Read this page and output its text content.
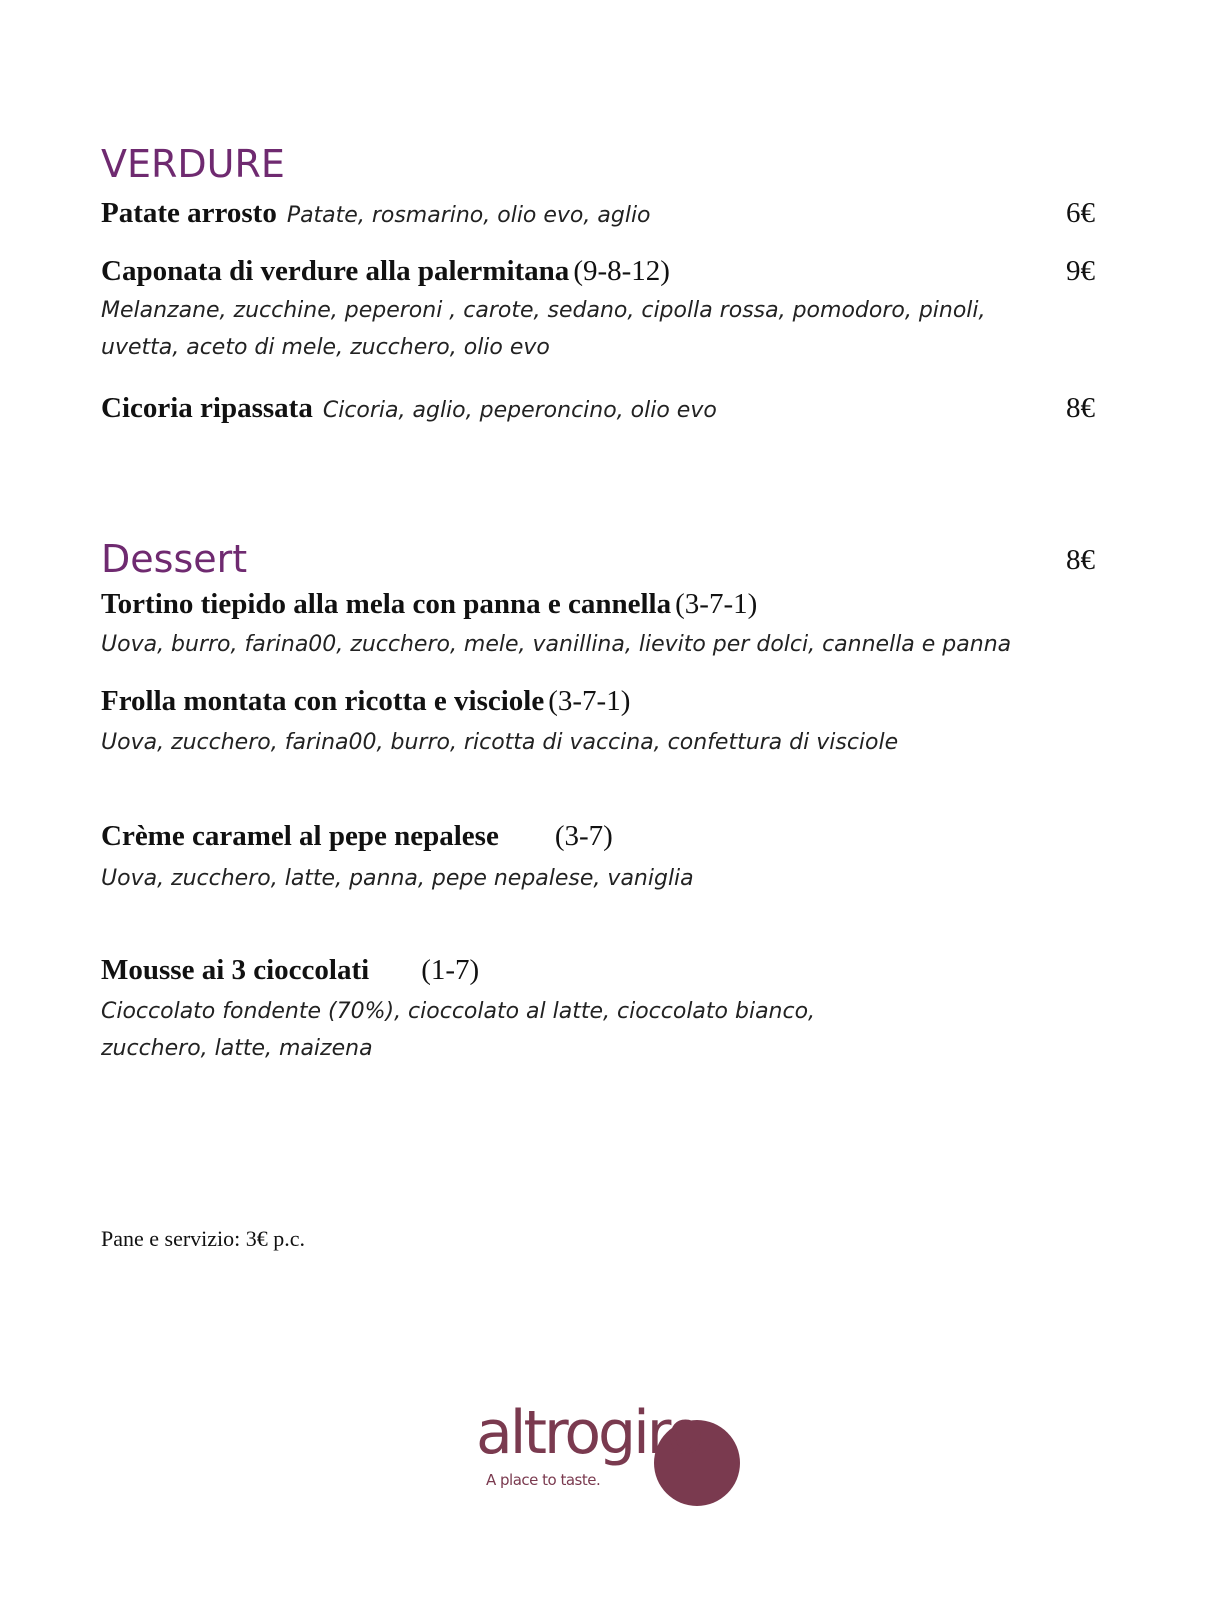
VERDURE
Patate arrosto Patate, rosmarino, olio evo, aglio	6€
Caponata di verdure alla palermitana (9-8-12)	9€
Melanzane, zucchine, peperoni , carote, sedano, cipolla rossa, pomodoro, pinoli,
uvetta, aceto di mele, zucchero, olio evo
Cicoria ripassata Cicoria, aglio, peperoncino, olio evo	8€
Dessert	8€
Tortino tiepido alla mela con panna e cannella (3-7-1)
Uova, burro, farina00, zucchero, mele, vanillina, lievito per dolci, cannella e panna
Frolla montata con ricotta e visciole (3-7-1)
Uova, zucchero, farina00, burro, ricotta di vaccina, confettura di visciole
Crème caramel al pepe nepalese (3-7)
Uova, zucchero, latte, panna, pepe nepalese, vaniglia
Mousse ai 3 cioccolati (1-7)
Cioccolato fondente (70%), cioccolato al latte, cioccolato bianco,
zucchero, latte, maizena
Pane e servizio: 3€ p.c.
altrogiro
A place to taste.
